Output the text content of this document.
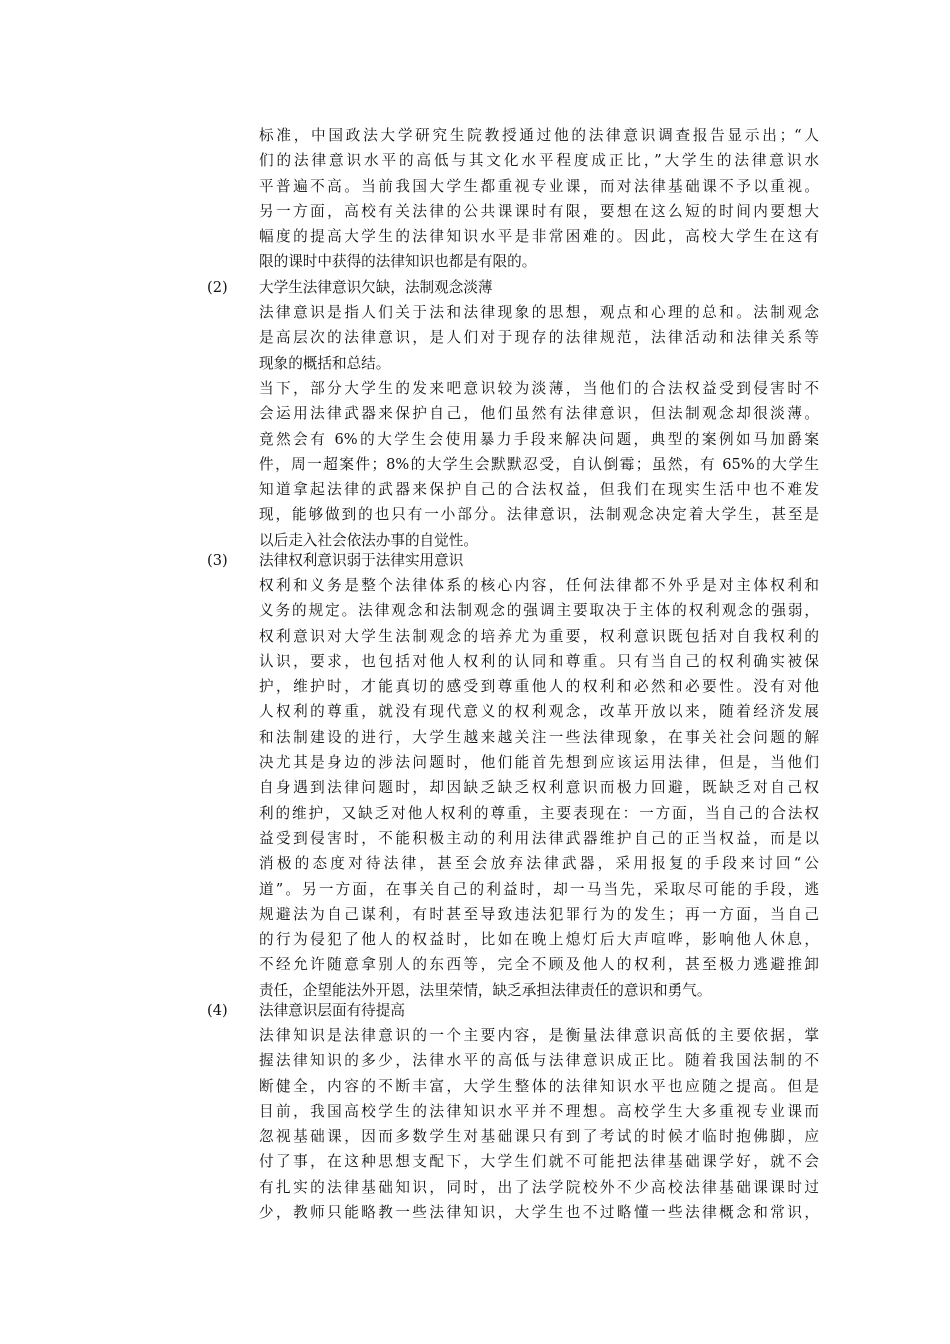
标准，中国政法大学研究生院教授通过他的法律意识调查报告显示出；“人
们的法律意识水平的高低与其文化水平程度成正比，”大学生的法律意识水
平普遍不高。当前我国大学生都重视专业课，而对法律基础课不予以重视。
另一方面，高校有关法律的公共课课时有限，要想在这么短的时间内要想大
幅度的提高大学生的法律知识水平是非常困难的。因此，高校大学生在这有
限的课时中获得的法律知识也都是有限的。
(2) 大学生法律意识欠缺，法制观念淡薄
法律意识是指人们关于法和法律现象的思想，观点和心理的总和。法制观念
是高层次的法律意识，是人们对于现存的法律规范，法律活动和法律关系等
现象的概括和总结。
当下，部分大学生的发来吧意识较为淡薄，当他们的合法权益受到侵害时不
会运用法律武器来保护自己，他们虽然有法律意识，但法制观念却很淡薄。
竟然会有 6%的大学生会使用暴力手段来解决问题，典型的案例如马加爵案
件，周一超案件；8%的大学生会默默忍受，自认倒霉；虽然，有 65%的大学生
知道拿起法律的武器来保护自己的合法权益，但我们在现实生活中也不难发
现，能够做到的也只有一小部分。法律意识，法制观念决定着大学生，甚至是
以后走入社会依法办事的自觉性。
(3) 法律权利意识弱于法律实用意识
权利和义务是整个法律体系的核心内容，任何法律都不外乎是对主体权利和
义务的规定。法律观念和法制观念的强调主要取决于主体的权利观念的强弱，
权利意识对大学生法制观念的培养尤为重要，权利意识既包括对自我权利的
认识，要求，也包括对他人权利的认同和尊重。只有当自己的权利确实被保
护，维护时，才能真切的感受到尊重他人的权利和必然和必要性。没有对他
人权利的尊重，就没有现代意义的权利观念，改革开放以来，随着经济发展
和法制建设的进行，大学生越来越关注一些法律现象，在事关社会问题的解
决尤其是身边的涉法问题时，他们能首先想到应该运用法律，但是，当他们
自身遇到法律问题时，却因缺乏缺乏权利意识而极力回避，既缺乏对自己权
利的维护，又缺乏对他人权利的尊重，主要表现在：一方面，当自己的合法权
益受到侵害时，不能积极主动的利用法律武器维护自己的正当权益，而是以
消极的态度对待法律，甚至会放弃法律武器，采用报复的手段来讨回“公
道”。另一方面，在事关自己的利益时，却一马当先，采取尽可能的手段，逃
规避法为自己谋利，有时甚至导致违法犯罪行为的发生；再一方面，当自己
的行为侵犯了他人的权益时，比如在晚上熄灯后大声喧哗，影响他人休息，
不经允许随意拿别人的东西等，完全不顾及他人的权利，甚至极力逃避推卸
责任，企望能法外开恩，法里荣情，缺乏承担法律责任的意识和勇气。
(4) 法律意识层面有待提高
法律知识是法律意识的一个主要内容，是衡量法律意识高低的主要依据，掌
握法律知识的多少，法律水平的高低与法律意识成正比。随着我国法制的不
断健全，内容的不断丰富，大学生整体的法律知识水平也应随之提高。但是
目前，我国高校学生的法律知识水平并不理想。高校学生大多重视专业课而
忽视基础课，因而多数学生对基础课只有到了考试的时候才临时抱佛脚，应
付了事，在这种思想支配下，大学生们就不可能把法律基础课学好，就不会
有扎实的法律基础知识，同时，出了法学院校外不少高校法律基础课课时过
少，教师只能略教一些法律知识，大学生也不过略懂一些法律概念和常识，
